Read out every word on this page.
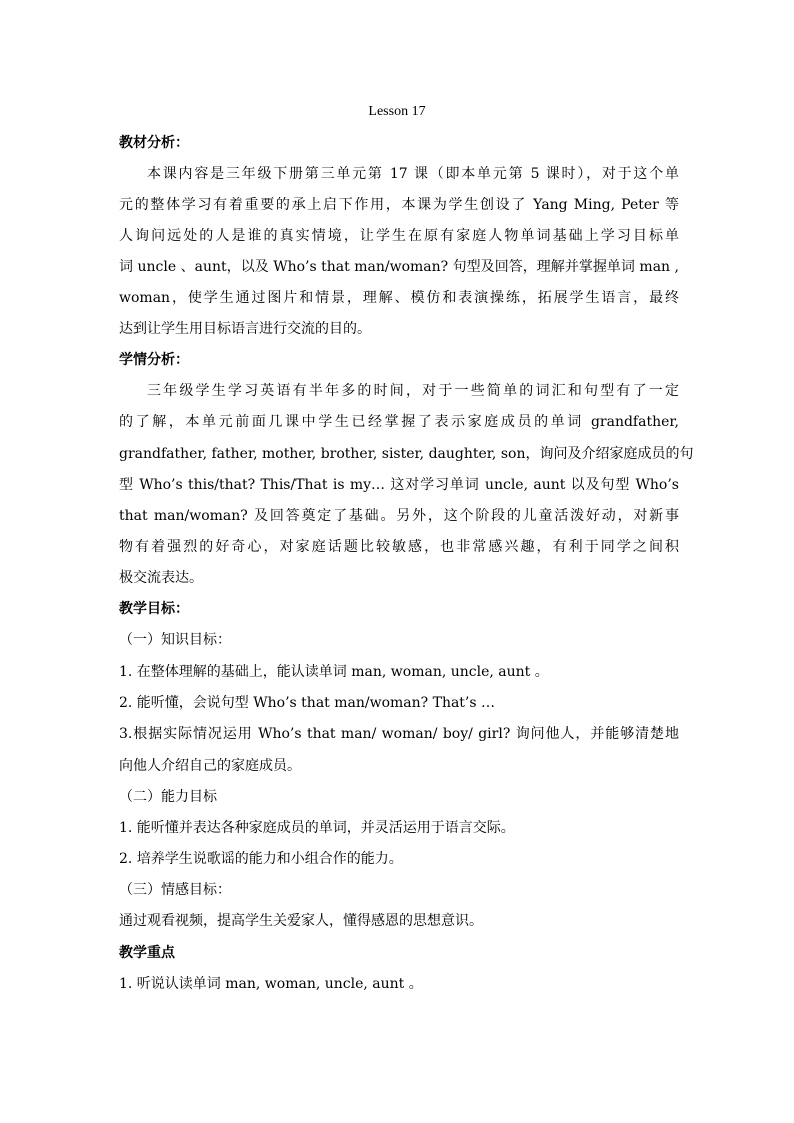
Lesson 17
教材分析：
本课内容是三年级下册第三单元第 17 课（即本单元第 5 课时），对于这个单
元的整体学习有着重要的承上启下作用，本课为学生创设了 Yang Ming, Peter 等
人询问远处的人是谁的真实情境，让学生在原有家庭人物单词基础上学习目标单
词 uncle 、aunt，以及 Who’s that man/woman? 句型及回答，理解并掌握单词 man ,
woman，使学生通过图片和情景，理解、模仿和表演操练，拓展学生语言，最终
达到让学生用目标语言进行交流的目的。
学情分析：
三年级学生学习英语有半年多的时间，对于一些简单的词汇和句型有了一定
的了解，本单元前面几课中学生已经掌握了表示家庭成员的单词 grandfather,
grandfather, father, mother, brother, sister, daughter, son，询问及介绍家庭成员的句
型 Who’s this/that? This/That is my… 这对学习单词 uncle, aunt 以及句型 Who’s
that man/woman? 及回答奠定了基础。另外，这个阶段的儿童活泼好动，对新事
物有着强烈的好奇心，对家庭话题比较敏感，也非常感兴趣，有利于同学之间积
极交流表达。
教学目标：
（一）知识目标：
1. 在整体理解的基础上，能认读单词 man, woman, uncle, aunt 。
2. 能听懂，会说句型 Who’s that man/woman? That’s …
3.根据实际情况运用 Who’s that man/ woman/ boy/ girl? 询问他人，并能够清楚地
向他人介绍自己的家庭成员。
（二）能力目标
1. 能听懂并表达各种家庭成员的单词，并灵活运用于语言交际。
2. 培养学生说歌谣的能力和小组合作的能力。
（三）情感目标：
通过观看视频，提高学生关爱家人，懂得感恩的思想意识。
教学重点
1. 听说认读单词 man, woman, uncle, aunt 。
